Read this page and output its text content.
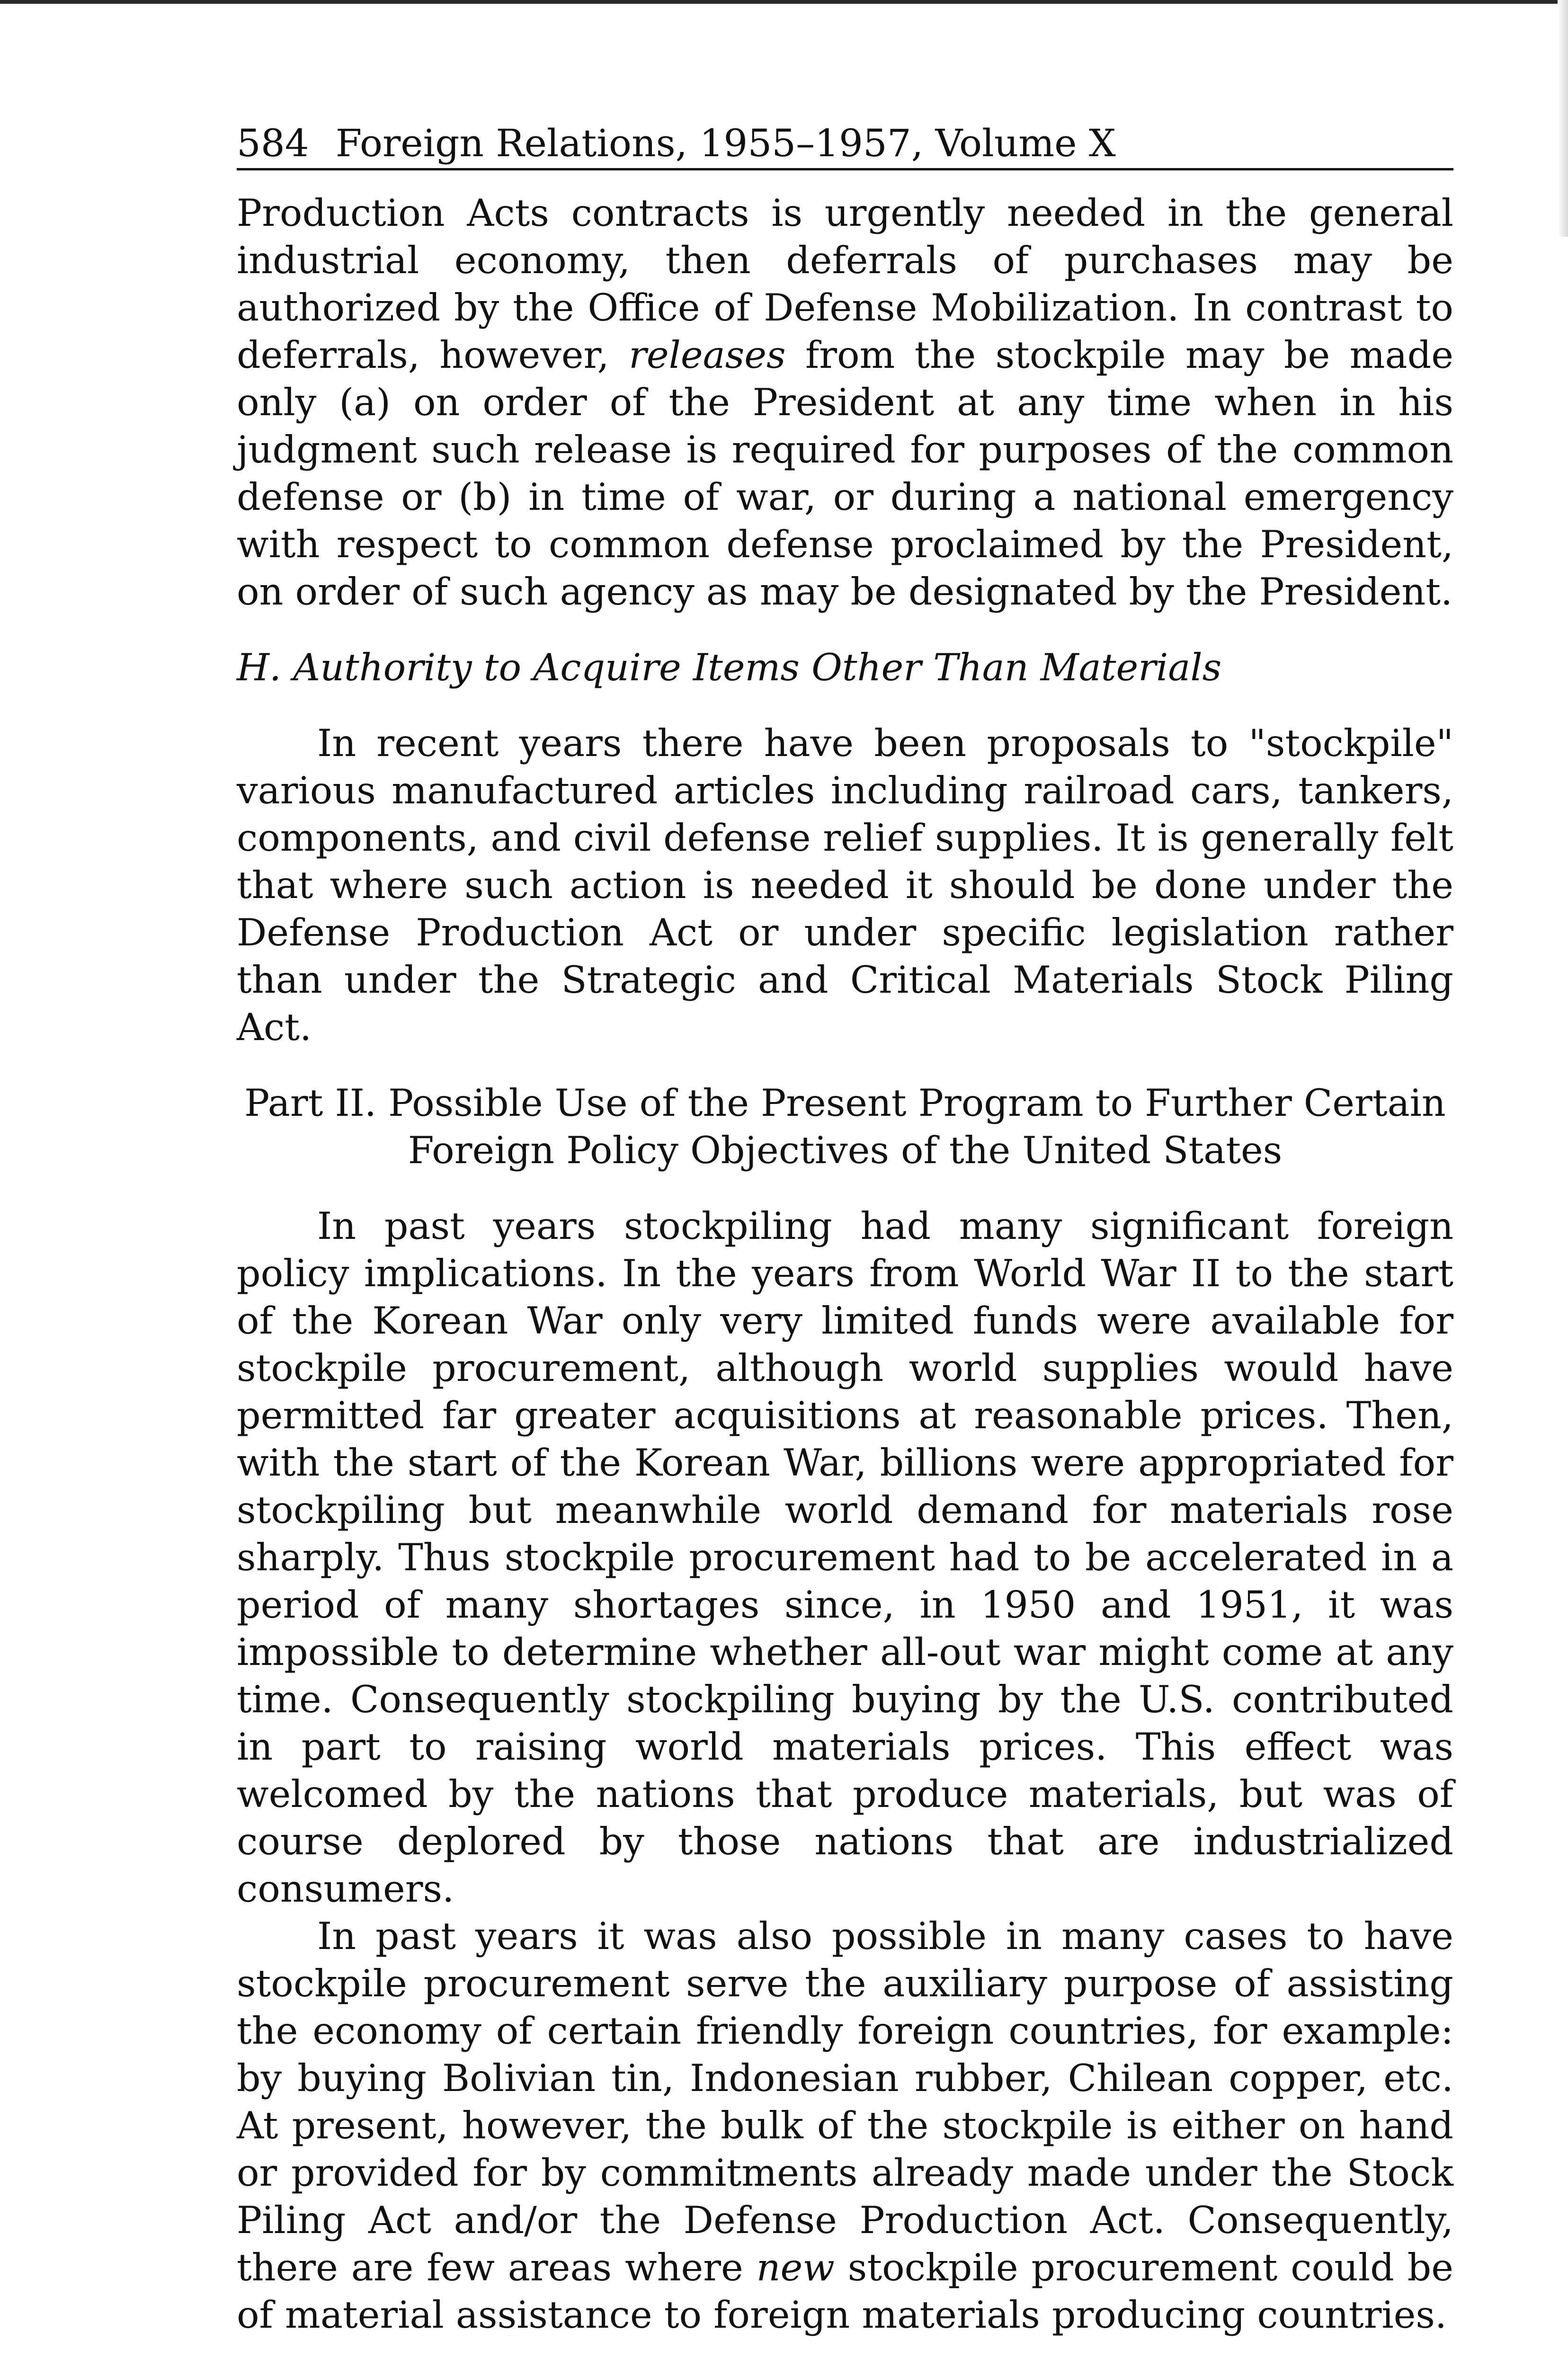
584 Foreign Relations, 1955–1957, Volume X

Production Acts contracts is urgently needed in the general industrial economy, then deferrals of purchases may be authorized by the Office of Defense Mobilization. In contrast to deferrals, however, releases from the stockpile may be made only (a) on order of the President at any time when in his judgment such release is required for purposes of the common defense or (b) in time of war, or during a national emergency with respect to common defense proclaimed by the President, on order of such agency as may be designated by the President.

H. Authority to Acquire Items Other Than Materials

In recent years there have been proposals to "stockpile" various manufactured articles including railroad cars, tankers, components, and civil defense relief supplies. It is generally felt that where such action is needed it should be done under the Defense Production Act or under specific legislation rather than under the Strategic and Critical Materials Stock Piling Act.

Part II. Possible Use of the Present Program to Further Certain
Foreign Policy Objectives of the United States

In past years stockpiling had many significant foreign policy implications. In the years from World War II to the start of the Korean War only very limited funds were available for stockpile procurement, although world supplies would have permitted far greater acquisitions at reasonable prices. Then, with the start of the Korean War, billions were appropriated for stockpiling but meanwhile world demand for materials rose sharply. Thus stockpile procurement had to be accelerated in a period of many shortages since, in 1950 and 1951, it was impossible to determine whether all-out war might come at any time. Consequently stockpiling buying by the U.S. contributed in part to raising world materials prices. This effect was welcomed by the nations that produce materials, but was of course deplored by those nations that are industrialized consumers.

In past years it was also possible in many cases to have stockpile procurement serve the auxiliary purpose of assisting the economy of certain friendly foreign countries, for example: by buying Bolivian tin, Indonesian rubber, Chilean copper, etc. At present, however, the bulk of the stockpile is either on hand or provided for by commitments already made under the Stock Piling Act and/or the Defense Production Act. Consequently, there are few areas where new stockpile procurement could be of material assistance to foreign materials producing countries.
